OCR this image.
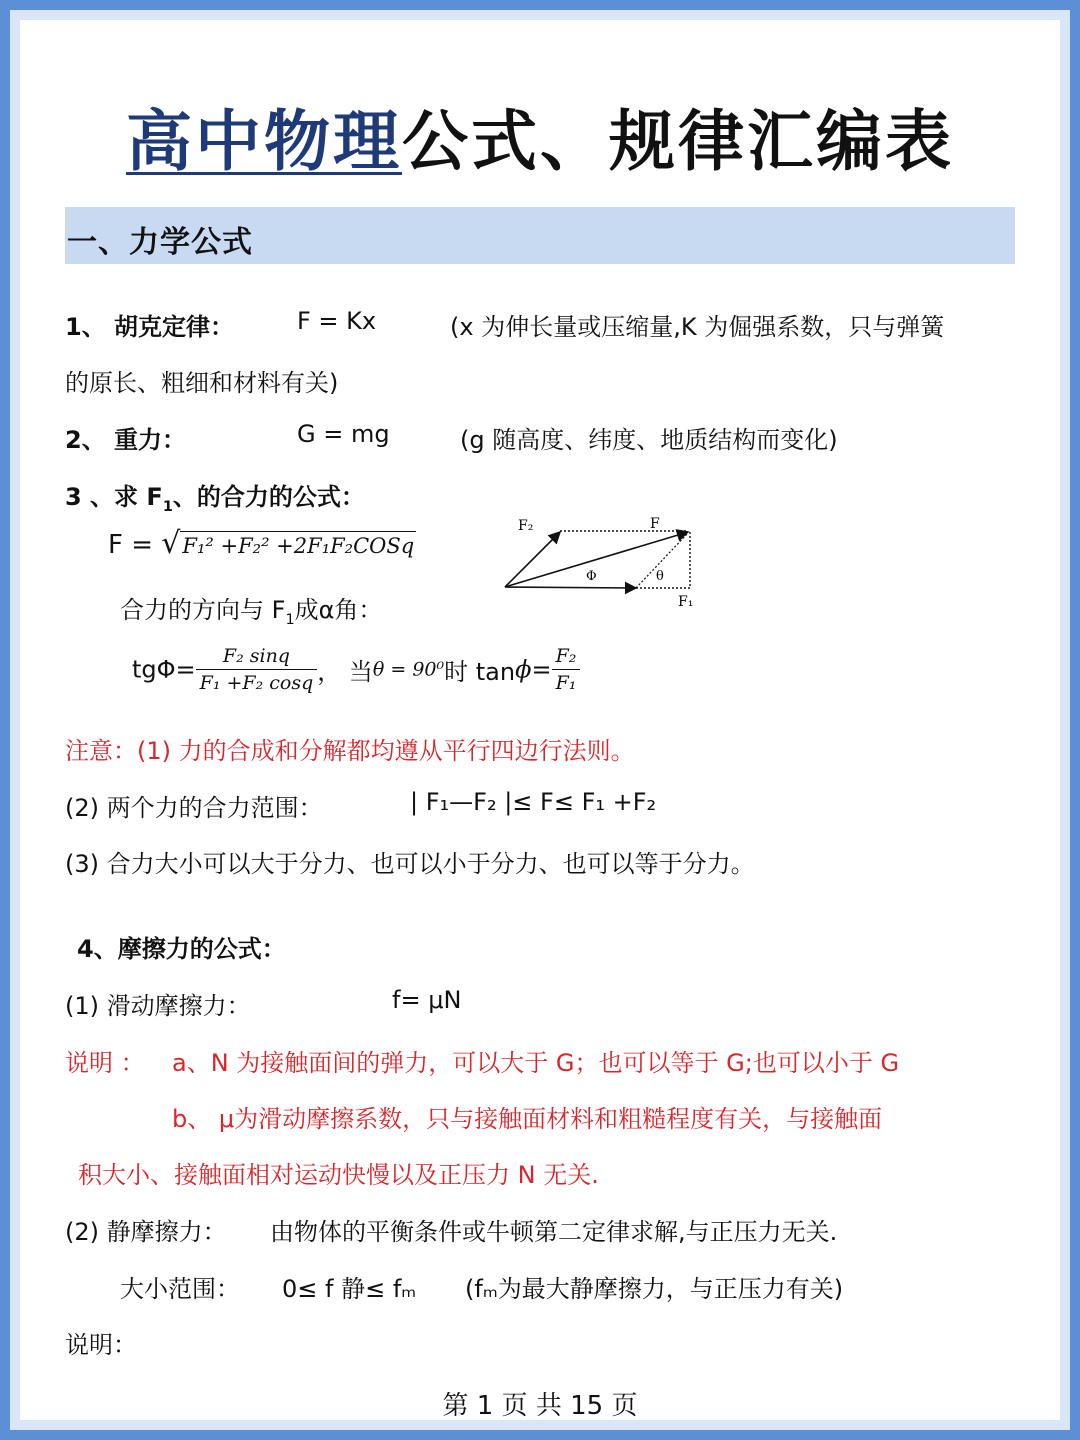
高中物理公式、规律汇编表
一、力学公式
1、 胡克定律：	F = Kx	(x 为伸长量或压缩量,K 为倔强系数，只与弹簧
的原长、粗细和材料有关)
2、 重力：	G = mg	(g 随高度、纬度、地质结构而变化)
3 、求 $F_1$、的合力的公式：
F = √F₁² +F₂² +2F₁F₂COSq
合力的方向与 $F_1$成α角：
F₂	F
F₁
Φ	θ
$tg\Phi= \frac{\text{F₂ sinq}}{\text{F₁ +F₂ cosq}}$ ， 当θ = 90⁰时 $\tan\phi= \frac{\text{F₂}}{\text{F₁}}$
注意：(1) 力的合成和分解都均遵从平行四边行法则。
(2) 两个力的合力范围：	| F₁—F₂ |≤ F≤ F₁ +F₂
(3) 合力大小可以大于分力、也可以小于分力、也可以等于分力。
4、摩擦力的公式：
(1) 滑动摩擦力：	f= μN
说明 ： a、N 为接触面间的弹力，可以大于 G；也可以等于 G;也可以小于 G
b、 μ为滑动摩擦系数，只与接触面材料和粗糙程度有关，与接触面
积大小、接触面相对运动快慢以及正压力 N 无关.
(2) 静摩擦力： 由物体的平衡条件或牛顿第二定律求解,与正压力无关.
大小范围： 0≤ f 静≤ fₘ (fₘ为最大静摩擦力，与正压力有关)
说明：
第 1 页 共 15 页
